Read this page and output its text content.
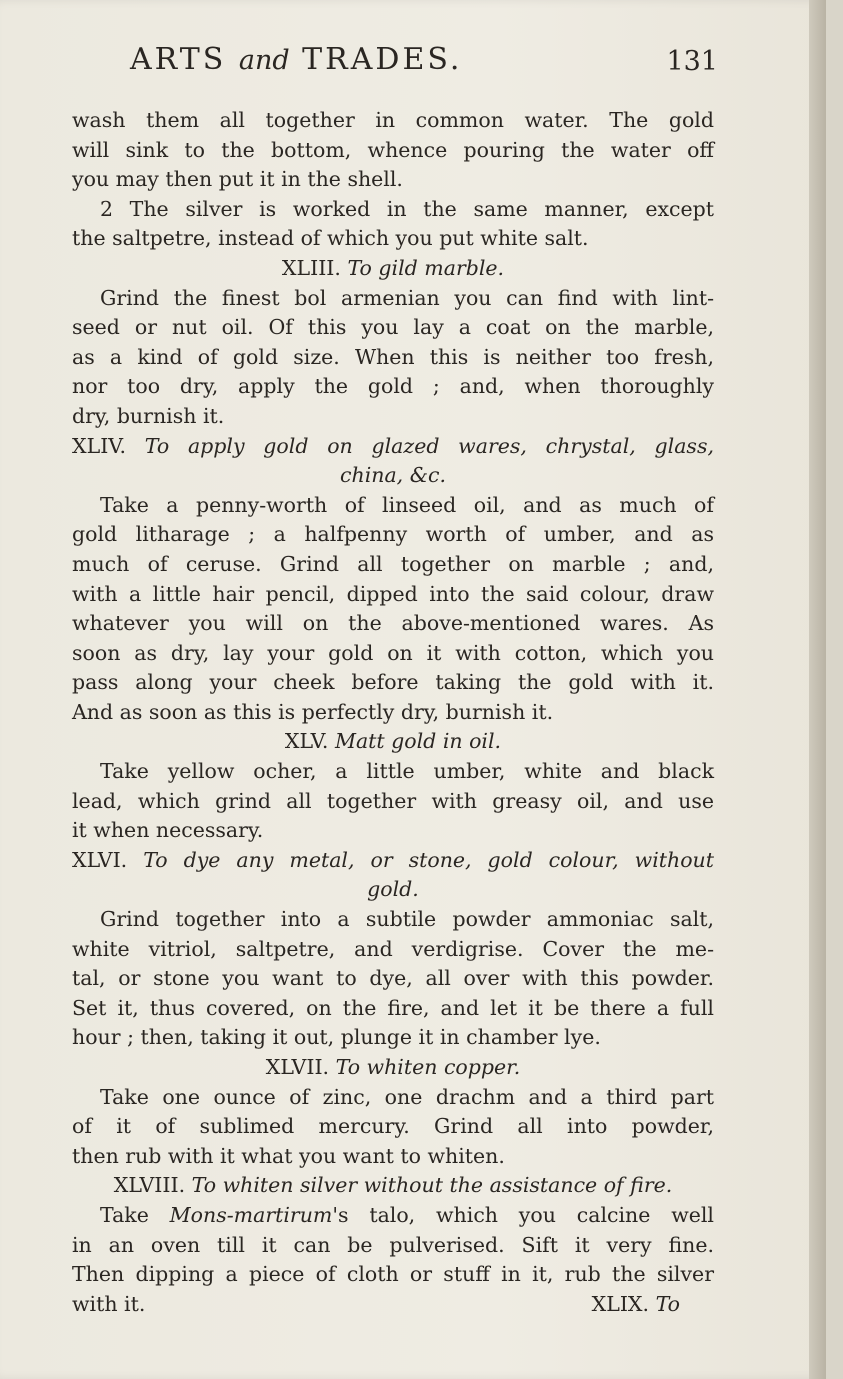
ARTS and TRADES.	131
wash them all together in common water. The gold
will sink to the bottom, whence pouring the water off
you may then put it in the shell.
2 The silver is worked in the same manner, except
the saltpetre, instead of which you put white salt.
XLIII. To gild marble.
Grind the finest bol armenian you can find with lint-
seed or nut oil. Of this you lay a coat on the marble,
as a kind of gold size. When this is neither too fresh,
nor too dry, apply the gold ; and, when thoroughly
dry, burnish it.
XLIV. To apply gold on glazed wares, chrystal, glass,
china, &c.
Take a penny-worth of linseed oil, and as much of
gold litharage ; a halfpenny worth of umber, and as
much of ceruse. Grind all together on marble ; and,
with a little hair pencil, dipped into the said colour, draw
whatever you will on the above-mentioned wares. As
soon as dry, lay your gold on it with cotton, which you
pass along your cheek before taking the gold with it.
And as soon as this is perfectly dry, burnish it.
XLV. Matt gold in oil.
Take yellow ocher, a little umber, white and black
lead, which grind all together with greasy oil, and use
it when necessary.
XLVI. To dye any metal, or stone, gold colour, without
gold.
Grind together into a subtile powder ammoniac salt,
white vitriol, saltpetre, and verdigrise. Cover the me-
tal, or stone you want to dye, all over with this powder.
Set it, thus covered, on the fire, and let it be there a full
hour ; then, taking it out, plunge it in chamber lye.
XLVII. To whiten copper.
Take one ounce of zinc, one drachm and a third part
of it of sublimed mercury. Grind all into powder,
then rub with it what you want to whiten.
XLVIII. To whiten silver without the assistance of fire.
Take Mons-martirum's talo, which you calcine well
in an oven till it can be pulverised. Sift it very fine.
Then dipping a piece of cloth or stuff in it, rub the silver
with it.	XLIX. To
